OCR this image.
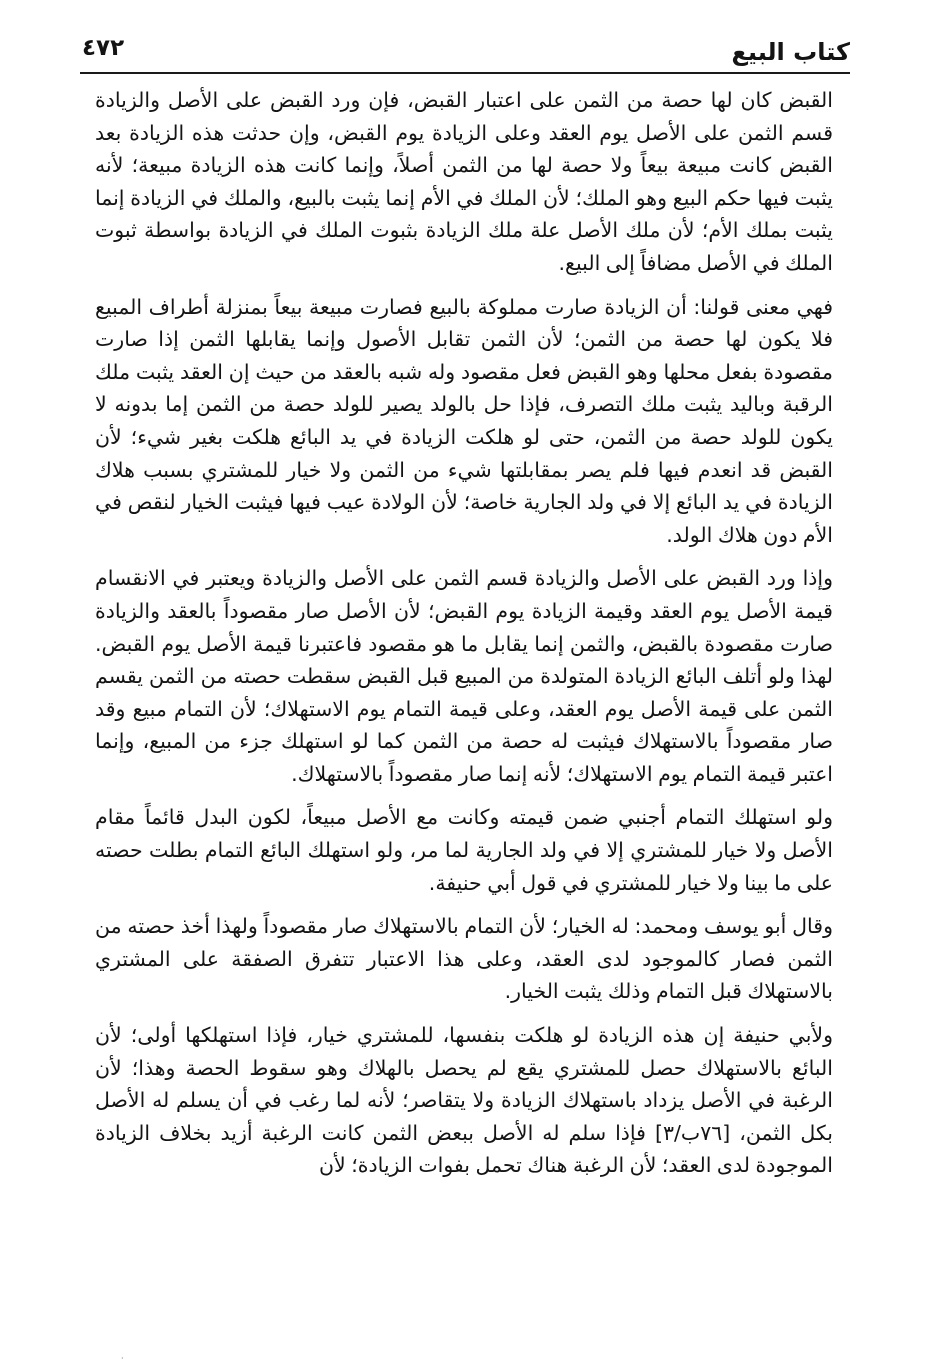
كتاب البيع
٤٧٢

القبض كان لها حصة من الثمن على اعتبار القبض، فإن ورد القبض على الأصل والزيادة قسم الثمن على الأصل يوم العقد وعلى الزيادة يوم القبض، وإن حدثت هذه الزيادة بعد القبض كانت مبيعة بيعاً ولا حصة لها من الثمن أصلاً، وإنما كانت هذه الزيادة مبيعة؛ لأنه يثبت فيها حكم البيع وهو الملك؛ لأن الملك في الأم إنما يثبت بالبيع، والملك في الزيادة إنما يثبت بملك الأم؛ لأن ملك الأصل علة ملك الزيادة بثبوت الملك في الزيادة بواسطة ثبوت الملك في الأصل مضافاً إلى البيع.

فهي معنى قولنا: أن الزيادة صارت مملوكة بالبيع فصارت مبيعة بيعاً بمنزلة أطراف المبيع فلا يكون لها حصة من الثمن؛ لأن الثمن تقابل الأصول وإنما يقابلها الثمن إذا صارت مقصودة بفعل محلها وهو القبض فعل مقصود وله شبه بالعقد من حيث إن العقد يثبت ملك الرقبة وباليد يثبت ملك التصرف، فإذا حل بالولد يصير للولد حصة من الثمن إما بدونه لا يكون للولد حصة من الثمن، حتى لو هلكت الزيادة في يد البائع هلكت بغير شيء؛ لأن القبض قد انعدم فيها فلم يصر بمقابلتها شيء من الثمن ولا خيار للمشتري بسبب هلاك الزيادة في يد البائع إلا في ولد الجارية خاصة؛ لأن الولادة عيب فيها فيثبت الخيار لنقص في الأم دون هلاك الولد.

وإذا ورد القبض على الأصل والزيادة قسم الثمن على الأصل والزيادة ويعتبر في الانقسام قيمة الأصل يوم العقد وقيمة الزيادة يوم القبض؛ لأن الأصل صار مقصوداً بالعقد والزيادة صارت مقصودة بالقبض، والثمن إنما يقابل ما هو مقصود فاعتبرنا قيمة الأصل يوم القبض. لهذا ولو أتلف البائع الزيادة المتولدة من المبيع قبل القبض سقطت حصته من الثمن يقسم الثمن على قيمة الأصل يوم العقد، وعلى قيمة التمام يوم الاستهلاك؛ لأن التمام مبيع وقد صار مقصوداً بالاستهلاك فيثبت له حصة من الثمن كما لو استهلك جزء من المبيع، وإنما اعتبر قيمة التمام يوم الاستهلاك؛ لأنه إنما صار مقصوداً بالاستهلاك.

ولو استهلك التمام أجنبي ضمن قيمته وكانت مع الأصل مبيعاً، لكون البدل قائماً مقام الأصل ولا خيار للمشتري إلا في ولد الجارية لما مر، ولو استهلك البائع التمام بطلت حصته على ما بينا ولا خيار للمشتري في قول أبي حنيفة.

وقال أبو يوسف ومحمد: له الخيار؛ لأن التمام بالاستهلاك صار مقصوداً ولهذا أخذ حصته من الثمن فصار كالموجود لدى العقد، وعلى هذا الاعتبار تتفرق الصفقة على المشتري بالاستهلاك قبل التمام وذلك يثبت الخيار.

ولأبي حنيفة إن هذه الزيادة لو هلكت بنفسها، للمشتري خيار، فإذا استهلكها أولى؛ لأن البائع بالاستهلاك حصل للمشتري يقع لم يحصل بالهلاك وهو سقوط الحصة وهذا؛ لأن الرغبة في الأصل يزداد باستهلاك الزيادة ولا يتقاصر؛ لأنه لما رغب في أن يسلم له الأصل بكل الثمن، [٧٦ب/٣] فإذا سلم له الأصل ببعض الثمن كانت الرغبة أزيد بخلاف الزيادة الموجودة لدى العقد؛ لأن الرغبة هناك تحمل بفوات الزيادة؛ لأن

·
